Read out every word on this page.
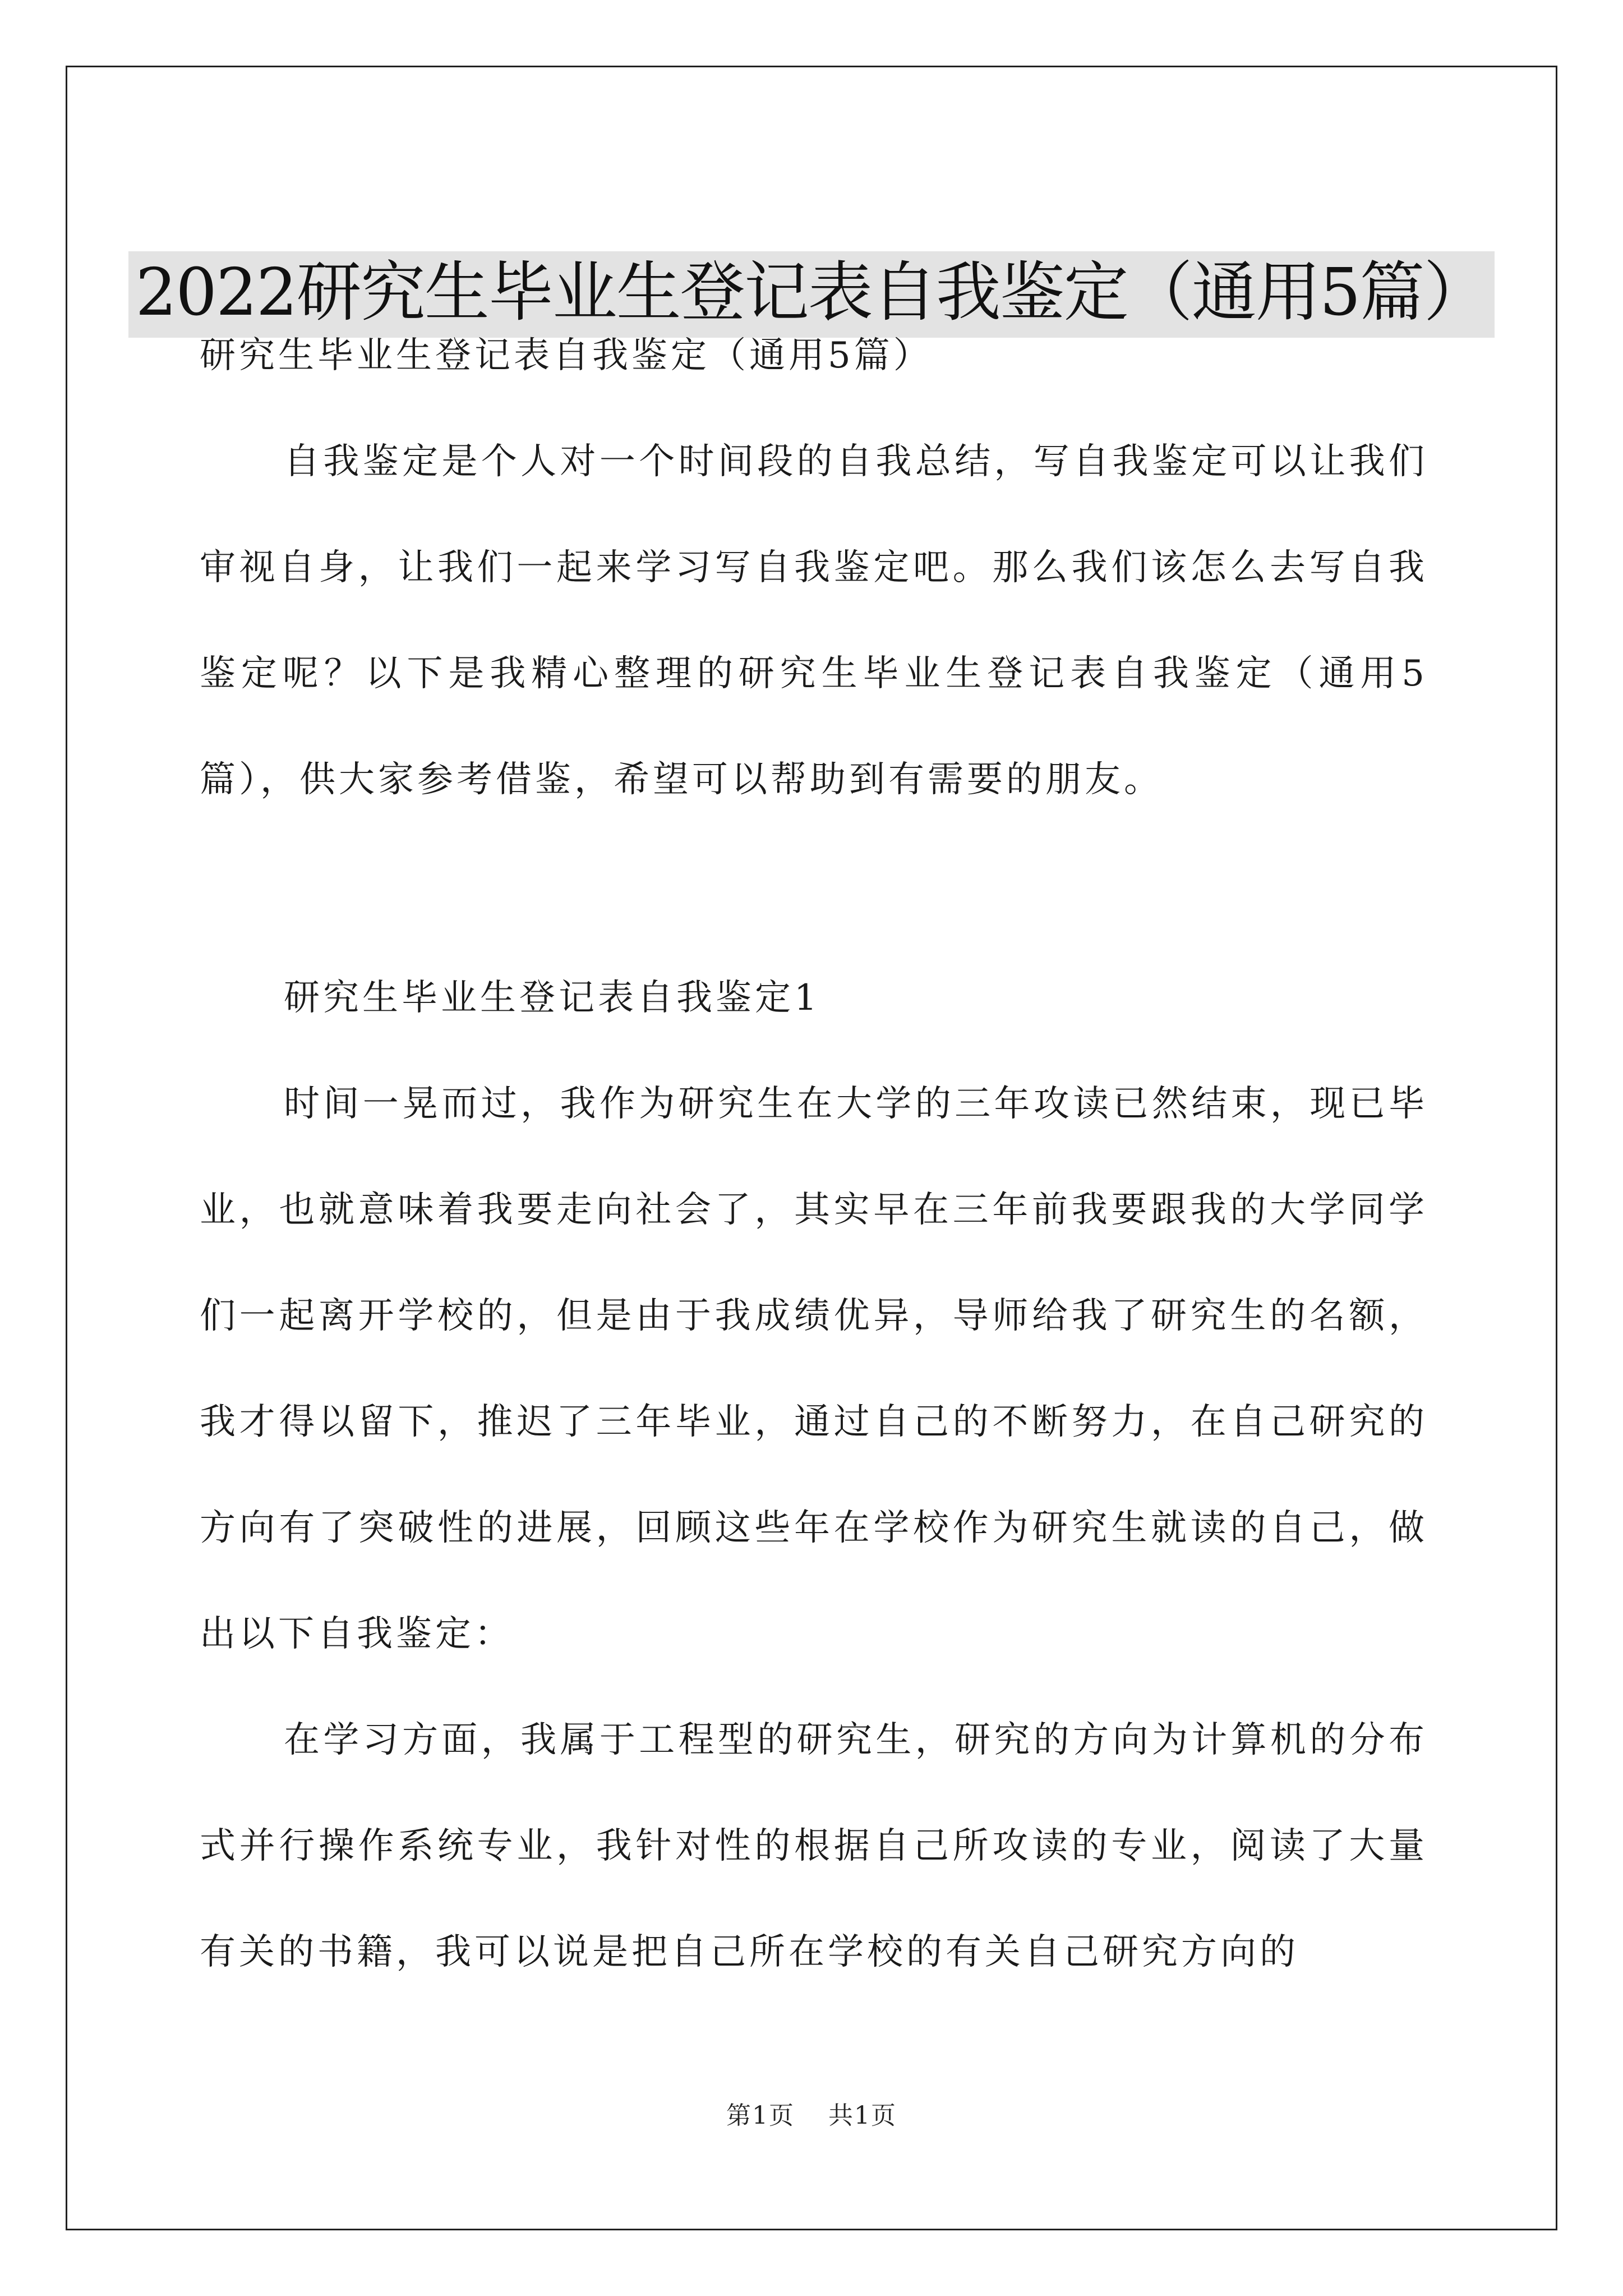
2022研究生毕业生登记表自我鉴定（通用5篇）

研究生毕业生登记表自我鉴定（通用5篇）

自我鉴定是个人对一个时间段的自我总结，写自我鉴定可以让我们审视自身，让我们一起来学习写自我鉴定吧。那么我们该怎么去写自我鉴定呢？以下是我精心整理的研究生毕业生登记表自我鉴定（通用5篇），供大家参考借鉴，希望可以帮助到有需要的朋友。

研究生毕业生登记表自我鉴定1

时间一晃而过，我作为研究生在大学的三年攻读已然结束，现已毕业，也就意味着我要走向社会了，其实早在三年前我要跟我的大学同学们一起离开学校的，但是由于我成绩优异，导师给我了研究生的名额，我才得以留下，推迟了三年毕业，通过自己的不断努力，在自己研究的方向有了突破性的进展，回顾这些年在学校作为研究生就读的自己，做出以下自我鉴定：

在学习方面，我属于工程型的研究生，研究的方向为计算机的分布式并行操作系统专业，我针对性的根据自己所攻读的专业，阅读了大量有关的书籍，我可以说是把自己所在学校的有关自己研究方向的

第1页 共1页
